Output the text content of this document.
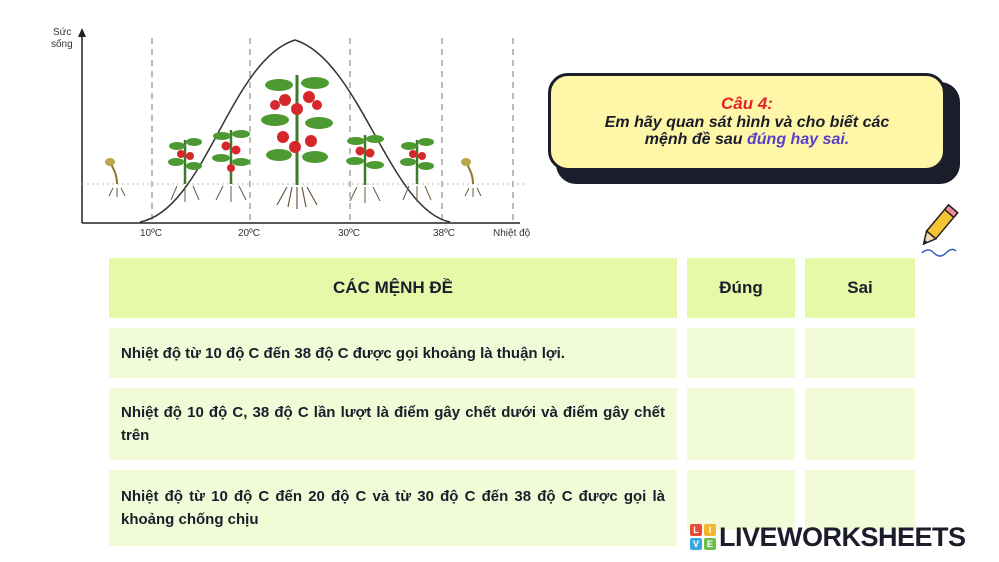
Sức
sống
10ºC	20ºC	30ºC	38ºC	Nhiệt độ
Câu 4:
Em hãy quan sát hình và cho biết các
mệnh đề sau đúng hay sai.
CÁC MỆNH ĐỀ	Đúng	Sai
Nhiệt độ từ 10 độ C đến 38 độ C được gọi khoảng là thuận lợi.
Nhiệt độ 10 độ C, 38 độ C lần lượt là điểm gây chết dưới và điểm gây chết trên
Nhiệt độ từ 10 độ C đến 20 độ C và từ 30 độ C đến 38 độ C được gọi là khoảng chống chịu
L	I
V E LIVEWORKSHEETS
